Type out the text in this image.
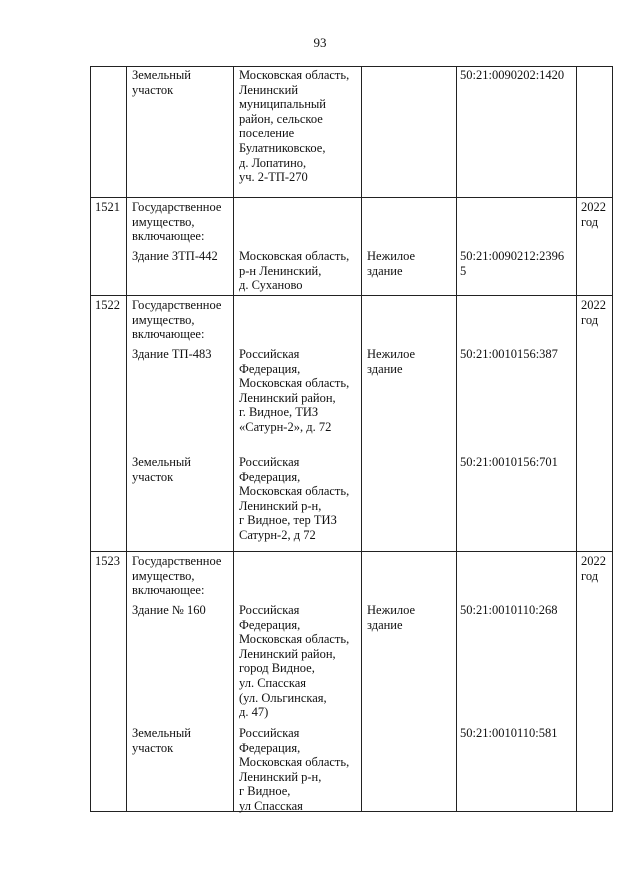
93
Земельный
участок
Московская область,
Ленинский
муниципальный
район, сельское
поселение
Булатниковское,
д. Лопатино,
уч. 2-ТП-270
50:21:0090202:1420
1521 Государственное
имущество,
включающее:
2022
год
Здание ЗТП-442 Московская область,
р-н Ленинский,
д. Суханово
Нежилое
здание
50:21:0090212:2396
5
1522 Государственное
имущество,
включающее:
2022
год
Здание ТП-483 Российская
Федерация,
Московская область,
Ленинский район,
г. Видное, ТИЗ
«Сатурн-2», д. 72
Нежилое
здание
50:21:0010156:387
Земельный
участок
Российская
Федерация,
Московская область,
Ленинский р-н,
г Видное, тер ТИЗ
Сатурн-2, д 72
50:21:0010156:701
1523 Государственное
имущество,
включающее:
2022
год
Здание № 160	Российская
Федерация,
Московская область,
Ленинский район,
город Видное,
ул. Спасская
(ул. Ольгинская,
д. 47)
Нежилое
здание
50:21:0010110:268
Земельный
участок
Российская
Федерация,
Московская область,
Ленинский р-н,
г Видное,
ул Спасская
50:21:0010110:581
